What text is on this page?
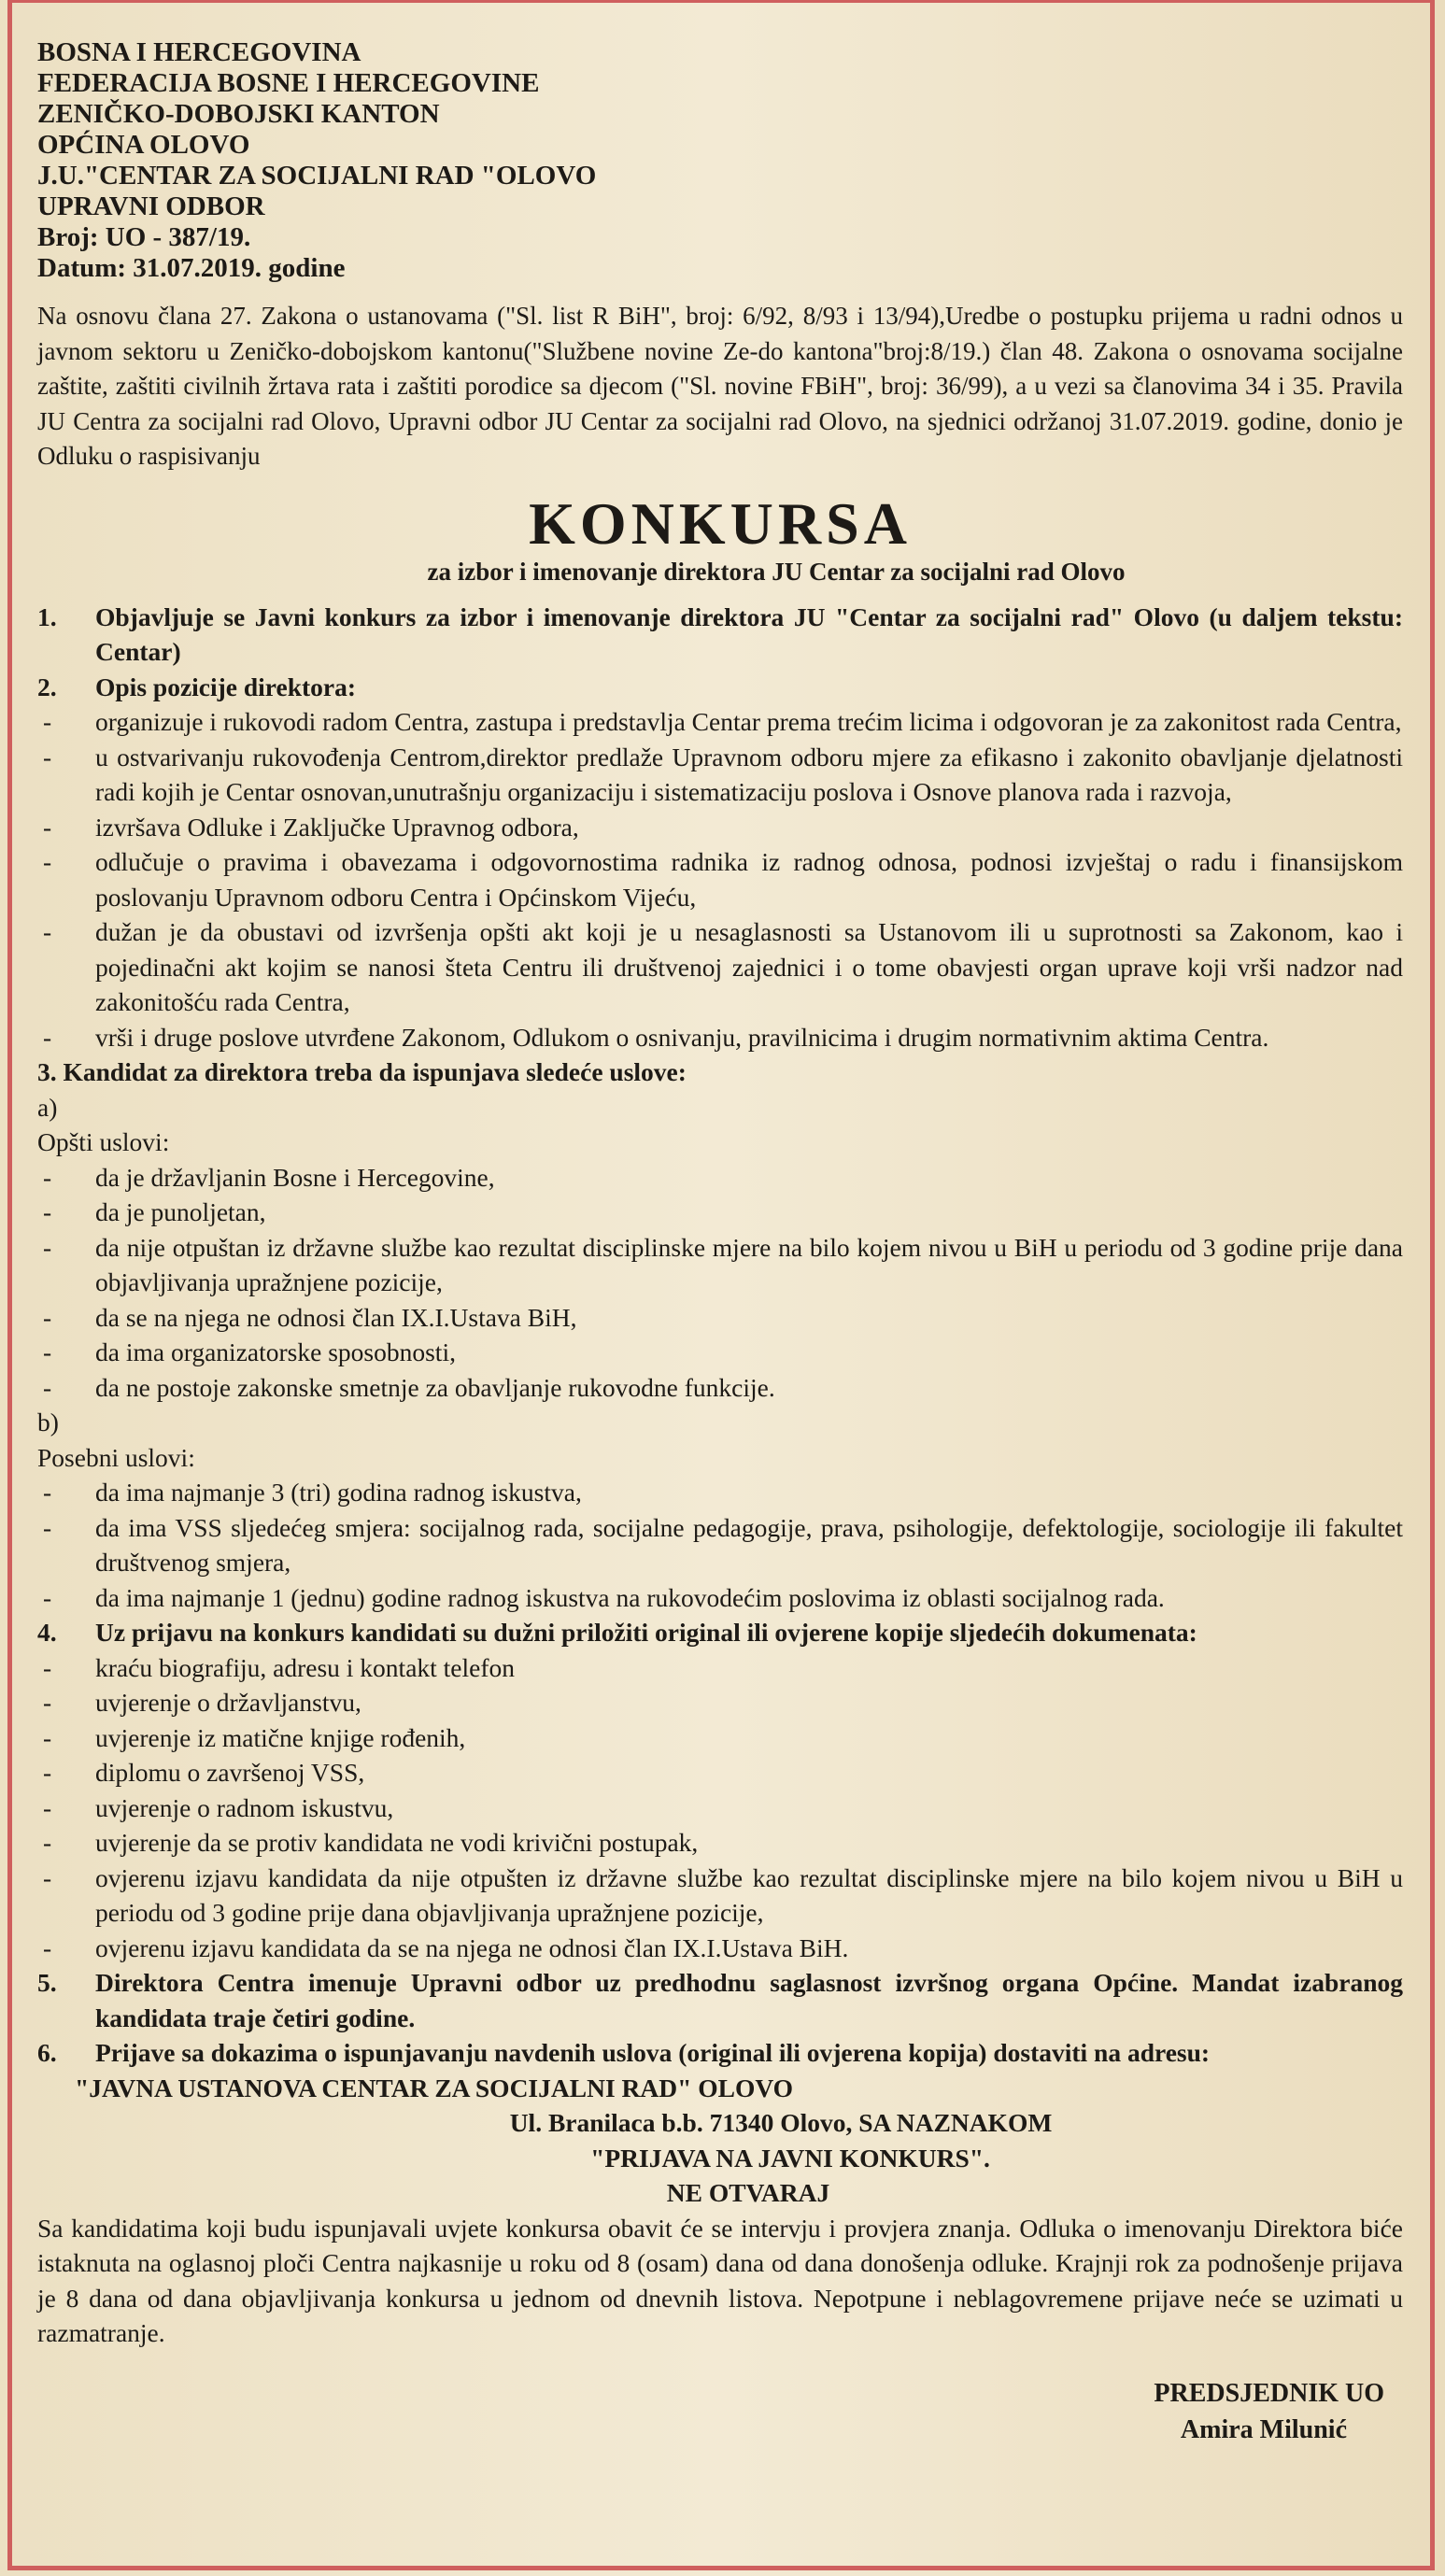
BOSNA I HERCEGOVINA
FEDERACIJA BOSNE I HERCEGOVINE
ZENIČKO-DOBOJSKI KANTON
OPĆINA OLOVO
J.U."CENTAR ZA SOCIJALNI RAD "OLOVO
UPRAVNI ODBOR
Broj: UO - 387/19.
Datum: 31.07.2019. godine
Na osnovu člana 27. Zakona o ustanovama ("Sl. list R BiH", broj: 6/92, 8/93 i 13/94),Uredbe o postupku prijema u radni odnos u javnom sektoru u Zeničko-dobojskom kantonu("Službene novine Ze-do kantona"broj:8/19.) član 48. Zakona o osnovama socijalne zaštite, zaštiti civilnih žrtava rata i zaštiti porodice sa djecom ("Sl. novine FBiH", broj: 36/99), a u vezi sa članovima 34 i 35. Pravila JU Centra za socijalni rad Olovo, Upravni odbor JU Centar za socijalni rad Olovo, na sjednici održanoj 31.07.2019. godine, donio je Odluku o raspisivanju
KONKURSA
za izbor i imenovanje direktora JU Centar za socijalni rad Olovo
1. Objavljuje se Javni konkurs za izbor i imenovanje direktora JU "Centar za socijalni rad" Olovo (u daljem tekstu: Centar)
2. Opis pozicije direktora:
- organizuje i rukovodi radom Centra, zastupa i predstavlja Centar prema trećim licima i odgovoran je za zakonitost rada Centra,
- u ostvarivanju rukovođenja Centrom,direktor predlaže Upravnom odboru mjere za efikasno i zakonito obavljanje djelatnosti radi kojih je Centar osnovan,unutrašnju organizaciju i sistematizaciju poslova i Osnove planova rada i razvoja,
- izvršava Odluke i Zaključke Upravnog odbora,
- odlučuje o pravima i obavezama i odgovornostima radnika iz radnog odnosa, podnosi izvještaj o radu i finansijskom poslovanju Upravnom odboru Centra i Općinskom Vijeću,
- dužan je da obustavi od izvršenja opšti akt koji je u nesaglasnosti sa Ustanovom ili u suprotnosti sa Zakonom, kao i pojedinačni akt kojim se nanosi šteta Centru ili društvenoj zajednici i o tome obavjesti organ uprave koji vrši nadzor nad zakonitošću rada Centra,
- vrši i druge poslove utvrđene Zakonom, Odlukom o osnivanju, pravilnicima i drugim normativnim aktima Centra.
3. Kandidat za direktora treba da ispunjava sledeće uslove:
a)
Opšti uslovi:
- da je državljanin Bosne i Hercegovine,
- da je punoljetan,
- da nije otpuštan iz državne službe kao rezultat disciplinske mjere na bilo kojem nivou u BiH u periodu od 3 godine prije dana objavljivanja upražnjene pozicije,
- da se na njega ne odnosi član IX.I.Ustava BiH,
- da ima organizatorske sposobnosti,
- da ne postoje zakonske smetnje za obavljanje rukovodne funkcije.
b)
Posebni uslovi:
- da ima najmanje 3 (tri) godina radnog iskustva,
- da ima VSS sljedećeg smjera: socijalnog rada, socijalne pedagogije, prava, psihologije, defektologije, sociologije ili fakultet društvenog smjera,
- da ima najmanje 1 (jednu) godine radnog iskustva na rukovodećim poslovima iz oblasti socijalnog rada.
4. Uz prijavu na konkurs kandidati su dužni priložiti original ili ovjerene kopije sljedećih dokumenata:
- kraću biografiju, adresu i kontakt telefon
- uvjerenje o državljanstvu,
- uvjerenje iz matične knjige rođenih,
- diplomu o završenoj VSS,
- uvjerenje o radnom iskustvu,
- uvjerenje da se protiv kandidata ne vodi krivični postupak,
- ovjerenu izjavu kandidata da nije otpušten iz državne službe kao rezultat disciplinske mjere na bilo kojem nivou u BiH u periodu od 3 godine prije dana objavljivanja upražnjene pozicije,
- ovjerenu izjavu kandidata da se na njega ne odnosi član IX.I.Ustava BiH.
5. Direktora Centra imenuje Upravni odbor uz predhodnu saglasnost izvršnog organa Općine. Mandat izabranog kandidata traje četiri godine.
6. Prijave sa dokazima o ispunjavanju navdenih uslova (original ili ovjerena kopija) dostaviti na adresu:
"JAVNA USTANOVA CENTAR ZA SOCIJALNI RAD" OLOVO
Ul. Branilaca b.b. 71340 Olovo, SA NAZNAKOM
"PRIJAVA NA JAVNI KONKURS".
NE OTVARAJ
Sa kandidatima koji budu ispunjavali uvjete konkursa obavit će se intervju i provjera znanja. Odluka o imenovanju Direktora biće istaknuta na oglasnoj ploči Centra najkasnije u roku od 8 (osam) dana od dana donošenja odluke. Krajnji rok za podnošenje prijava je 8 dana od dana objavljivanja konkursa u jednom od dnevnih listova. Nepotpune i neblagovremene prijave neće se uzimati u razmatranje.
PREDSJEDNIK UO
Amira Milunić
